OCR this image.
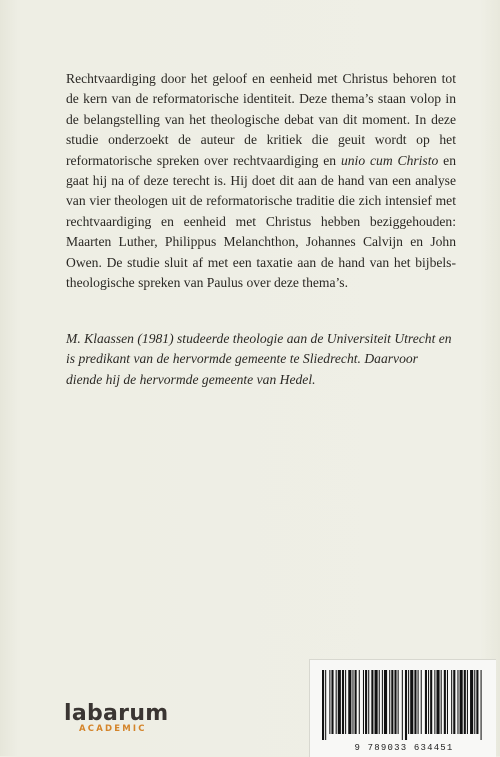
Rechtvaardiging door het geloof en eenheid met Christus behoren tot de kern van de reformatorische identiteit. Deze thema’s staan volop in de belangstelling van het theologische debat van dit moment. In deze studie onderzoekt de auteur de kritiek die geuit wordt op het reformatorische spreken over rechtvaardiging en unio cum Christo en gaat hij na of deze terecht is. Hij doet dit aan de hand van een analyse van vier theologen uit de reformatorische traditie die zich intensief met rechtvaardiging en eenheid met Christus hebben beziggehouden: Maarten Luther, Philippus Melanchthon, Johannes Calvijn en John Owen. De studie sluit af met een taxatie aan de hand van het bijbels-theologische spreken van Paulus over deze thema’s.

M. Klaassen (1981) studeerde theologie aan de Universiteit Utrecht en is predikant van de hervormde gemeente te Sliedrecht. Daarvoor diende hij de hervormde gemeente van Hedel.

labarum
ACADEMIC
9 789033 634451
